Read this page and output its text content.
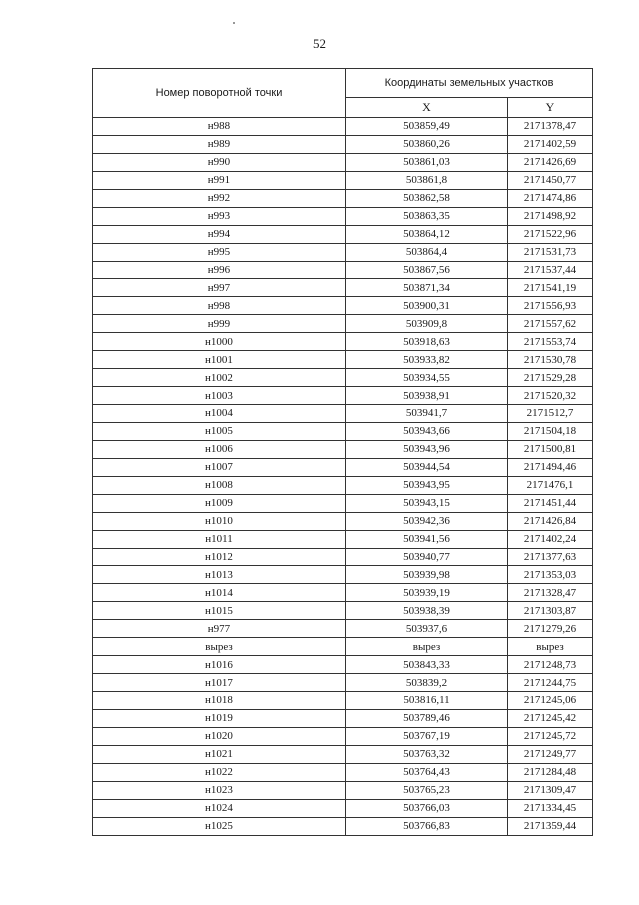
52
Номер поворотной точки	Координаты земельных участков	
	X	Y
н988	503859,49	2171378,47
н989	503860,26	2171402,59
н990	503861,03	2171426,69
н991	503861,8	2171450,77
н992	503862,58	2171474,86
н993	503863,35	2171498,92
н994	503864,12	2171522,96
н995	503864,4	2171531,73
н996	503867,56	2171537,44
н997	503871,34	2171541,19
н998	503900,31	2171556,93
н999	503909,8	2171557,62
н1000	503918,63	2171553,74
н1001	503933,82	2171530,78
н1002	503934,55	2171529,28
н1003	503938,91	2171520,32
н1004	503941,7	2171512,7
н1005	503943,66	2171504,18
н1006	503943,96	2171500,81
н1007	503944,54	2171494,46
н1008	503943,95	2171476,1
н1009	503943,15	2171451,44
н1010	503942,36	2171426,84
н1011	503941,56	2171402,24
н1012	503940,77	2171377,63
н1013	503939,98	2171353,03
н1014	503939,19	2171328,47
н1015	503938,39	2171303,87
н977	503937,6	2171279,26
вырез	вырез	вырез
н1016	503843,33	2171248,73
н1017	503839,2	2171244,75
н1018	503816,11	2171245,06
н1019	503789,46	2171245,42
н1020	503767,19	2171245,72
н1021	503763,32	2171249,77
н1022	503764,43	2171284,48
н1023	503765,23	2171309,47
н1024	503766,03	2171334,45
н1025	503766,83	2171359,44
